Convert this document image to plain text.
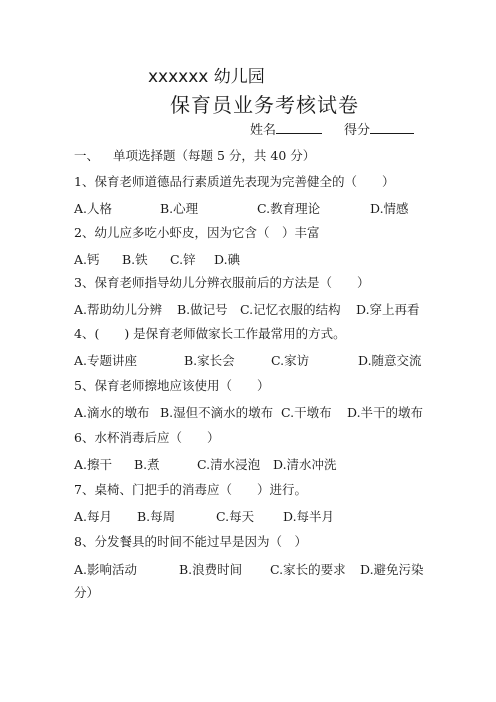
xxxxxx 幼儿园
保育员业务考核试卷
姓名	得分
一、 单项选择题（每题 5 分，共 40 分）
1、保育老师道德品行素质道先表现为完善健全的（　　）
A.人格	B.心理	C.教育理论	D.情感
2、幼儿应多吃小虾皮，因为它含（　）丰富
A.钙 B.铁 C.锌 D.碘
3、保育老师指导幼儿分辨衣服前后的方法是（　　）
A.帮助幼儿分辨 B.做记号 C.记忆衣服的结构 D.穿上再看
4、(　　) 是保育老师做家长工作最常用的方式。
A.专题讲座	B.家长会	C.家访	D.随意交流
5、保育老师擦地应该使用（　　）
A.滴水的墩布 B.湿但不滴水的墩布 C.干墩布 D.半干的墩布
6、水杯消毒后应（　　）
A.擦干 B.煮	C.清水浸泡 D.清水冲洗
7、桌椅、门把手的消毒应（　　）进行。
A.每月 B.每周	C.每天 D.每半月
8、分发餐具的时间不能过早是因为（　）
A.影响活动	B.浪费时间 C.家长的要求 D.避免污染
分）
